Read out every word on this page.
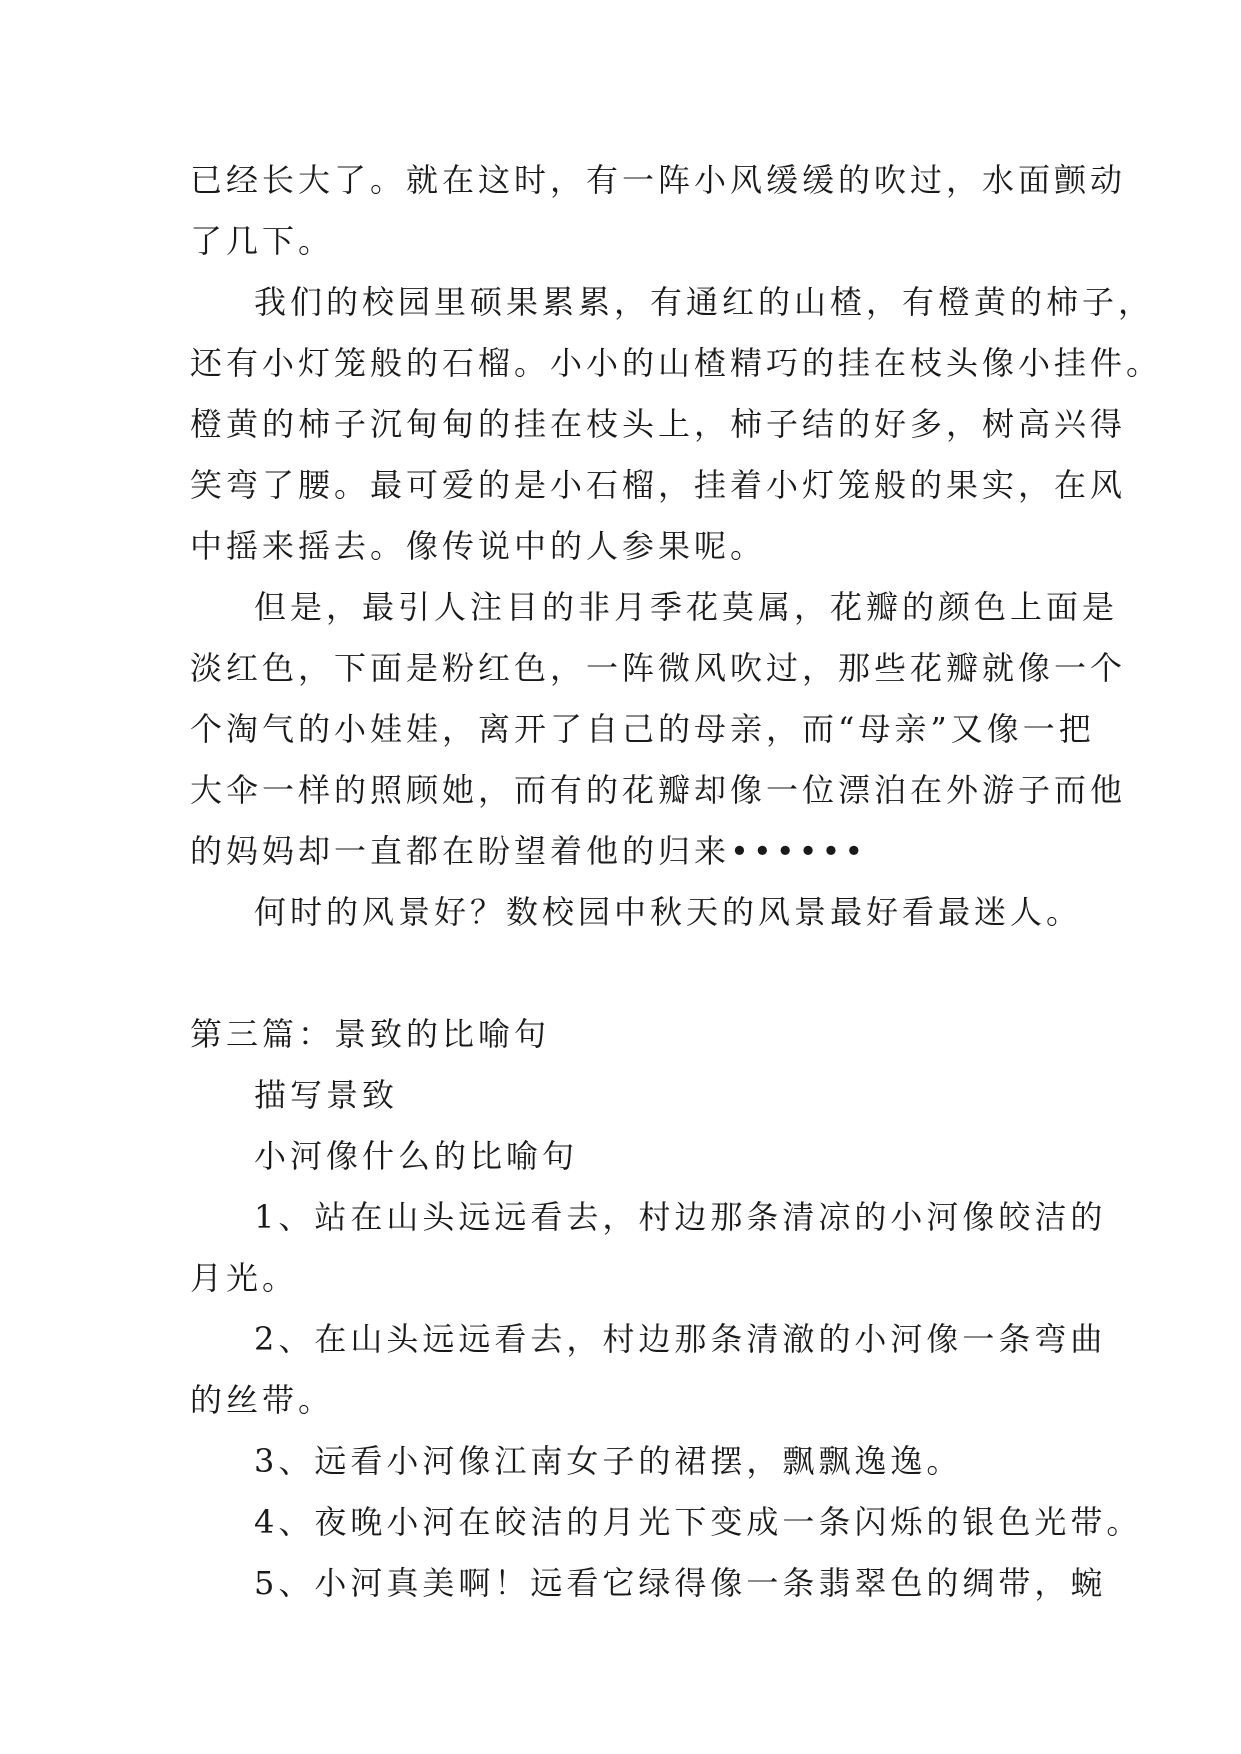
已经长大了。就在这时，有一阵小风缓缓的吹过，水面颤动
了几下。
我们的校园里硕果累累，有通红的山楂，有橙黄的柿子，
还有小灯笼般的石榴。小小的山楂精巧的挂在枝头像小挂件。
橙黄的柿子沉甸甸的挂在枝头上，柿子结的好多，树高兴得
笑弯了腰。最可爱的是小石榴，挂着小灯笼般的果实，在风
中摇来摇去。像传说中的人参果呢。
但是，最引人注目的非月季花莫属，花瓣的颜色上面是
淡红色，下面是粉红色，一阵微风吹过，那些花瓣就像一个
个淘气的小娃娃，离开了自己的母亲，而“母亲”又像一把
大伞一样的照顾她，而有的花瓣却像一位漂泊在外游子而他
的妈妈却一直都在盼望着他的归来••••••
何时的风景好？数校园中秋天的风景最好看最迷人。
第三篇：景致的比喻句
描写景致
小河像什么的比喻句
1、站在山头远远看去，村边那条清凉的小河像皎洁的
月光。
2、在山头远远看去，村边那条清澈的小河像一条弯曲
的丝带。
3、远看小河像江南女子的裙摆，飘飘逸逸。
4、夜晚小河在皎洁的月光下变成一条闪烁的银色光带。
5、小河真美啊！远看它绿得像一条翡翠色的绸带，蜿
